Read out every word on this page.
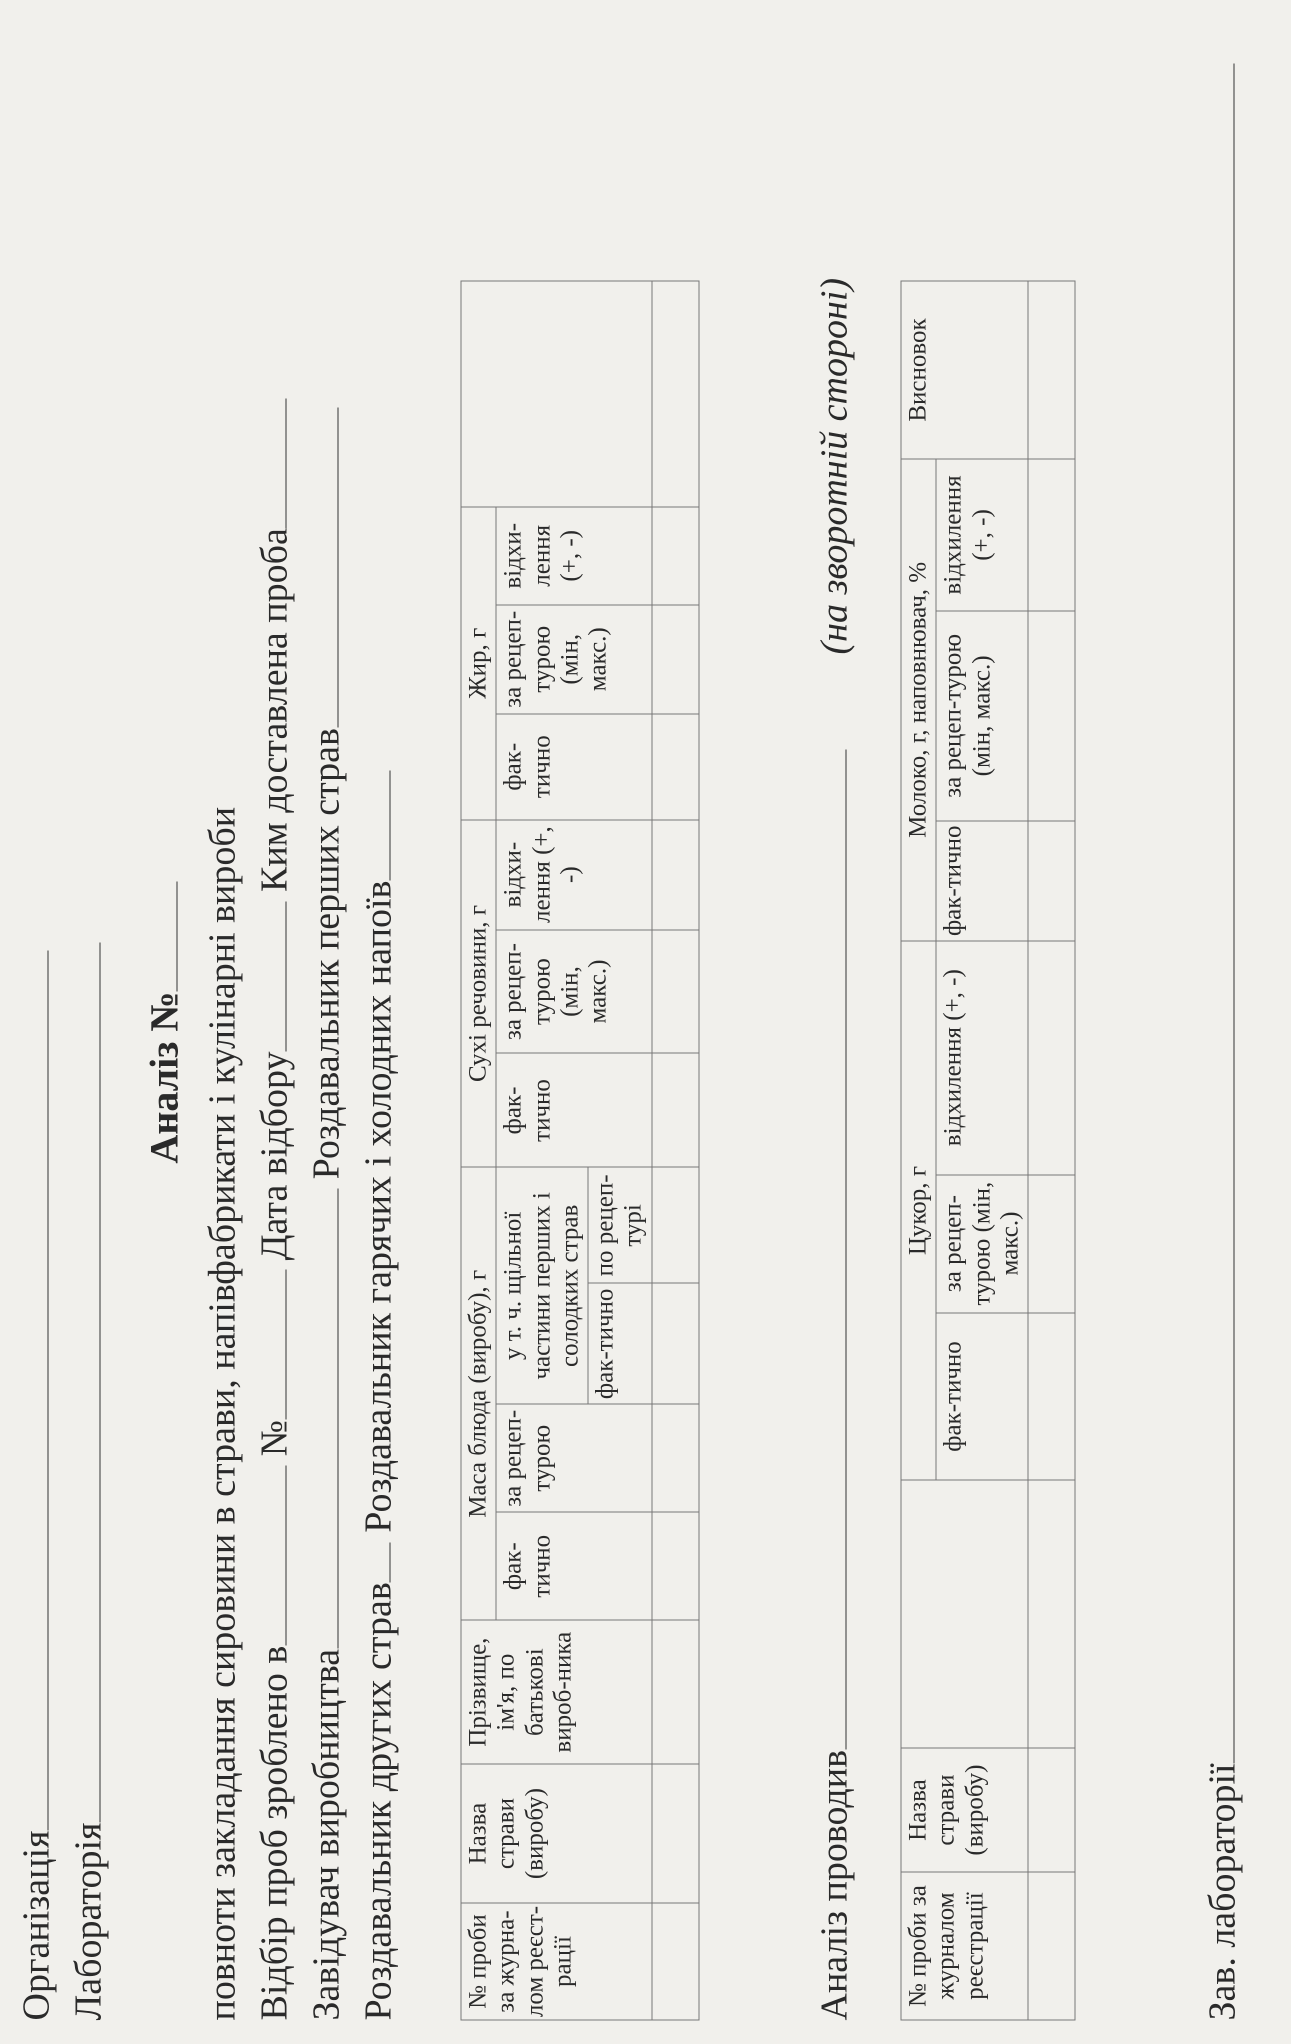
Організація Лабораторія
Аналіз № повноти закладання сировини в страви, напівфабрикати і кулінарні вироби Відбір проб зроблено в № Дата відбору Ким доставлена проба
Завідувач виробництва Роздавальник перших страв
Роздавальник других страв Роздавальник гарячих і холодних напоїв
№ проби за журна-лом реєст-рації	Назва страви (виробу)	Прізвище, ім'я, по батькові вироб-ника	Маса блюда (виробу), г				Сухі речовини, г			Жир, г			
			фак-тично	за рецеп-турою	у т. ч. щільної частини перших і солодких страв		фак-тично	за рецеп-турою (мін, макс.)	відхи-лення (+, -)	фак-тично	за рецеп-турою (мін, макс.)	відхи-лення (+, -)	
					фак-тично	по рецеп-турі							

Аналіз проводив
(на зворотній стороні)
№ проби за журналом реєстрації	Назва страви (виробу)		Цукор, г			Молоко, г, наповнювач, %			Висновок
			фак-тично	за рецеп-турою (мін, макс.)	відхилення (+, -)	фак-тично	за рецеп-турою (мін, макс.)	відхилення (+, -)	

Зав. лабораторії
